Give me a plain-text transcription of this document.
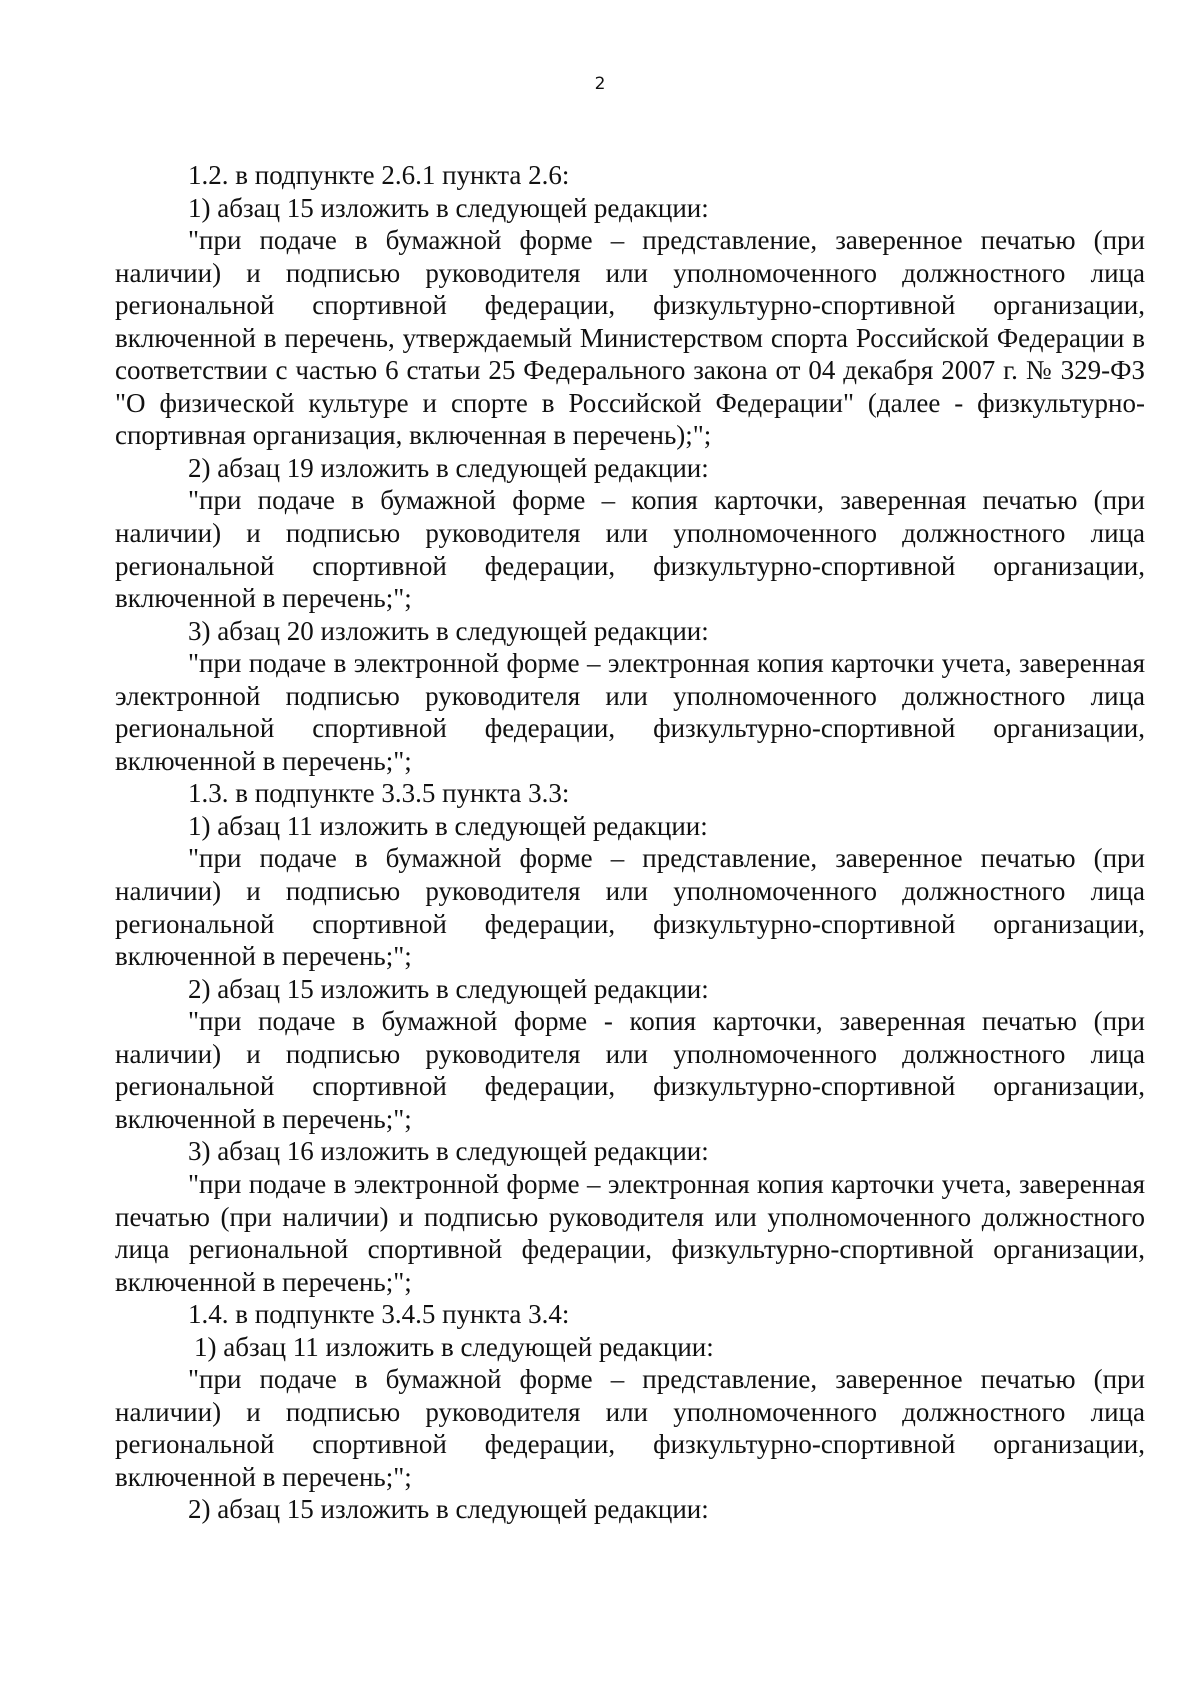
2

1.2. в подпункте 2.6.1 пункта 2.6:

1) абзац 15 изложить в следующей редакции:

"при подаче в бумажной форме – представление, заверенное печатью (при наличии) и подписью руководителя или уполномоченного должностного лица региональной спортивной федерации, физкультурно-спортивной организации, включенной в перечень, утверждаемый Министерством спорта Российской Федерации в соответствии с частью 6 статьи 25 Федерального закона от 04 декабря 2007 г. № 329-ФЗ "О физической культуре и спорте в Российской Федерации" (далее - физкультурно-спортивная организация, включенная в перечень);";

2) абзац 19 изложить в следующей редакции:

"при подаче в бумажной форме – копия карточки, заверенная печатью (при наличии) и подписью руководителя или уполномоченного должностного лица региональной спортивной федерации, физкультурно-спортивной организации, включенной в перечень;";

3) абзац 20 изложить в следующей редакции:

"при подаче в электронной форме – электронная копия карточки учета, заверенная электронной подписью руководителя или уполномоченного должностного лица региональной спортивной федерации, физкультурно-спортивной организации, включенной в перечень;";

1.3. в подпункте 3.3.5 пункта 3.3:

1) абзац 11 изложить в следующей редакции:

"при подаче в бумажной форме – представление, заверенное печатью (при наличии) и подписью руководителя или уполномоченного должностного лица региональной спортивной федерации, физкультурно-спортивной организации, включенной в перечень;";

2) абзац 15 изложить в следующей редакции:

"при подаче в бумажной форме - копия карточки, заверенная печатью (при наличии) и подписью руководителя или уполномоченного должностного лица региональной спортивной федерации, физкультурно-спортивной организации, включенной в перечень;";

3) абзац 16 изложить в следующей редакции:

"при подаче в электронной форме – электронная копия карточки учета, заверенная печатью (при наличии) и подписью руководителя или уполномоченного должностного лица региональной спортивной федерации, физкультурно-спортивной организации, включенной в перечень;";

1.4. в подпункте 3.4.5 пункта 3.4:

1) абзац 11 изложить в следующей редакции:

"при подаче в бумажной форме – представление, заверенное печатью (при наличии) и подписью руководителя или уполномоченного должностного лица региональной спортивной федерации, физкультурно-спортивной организации, включенной в перечень;";

2) абзац 15 изложить в следующей редакции:
